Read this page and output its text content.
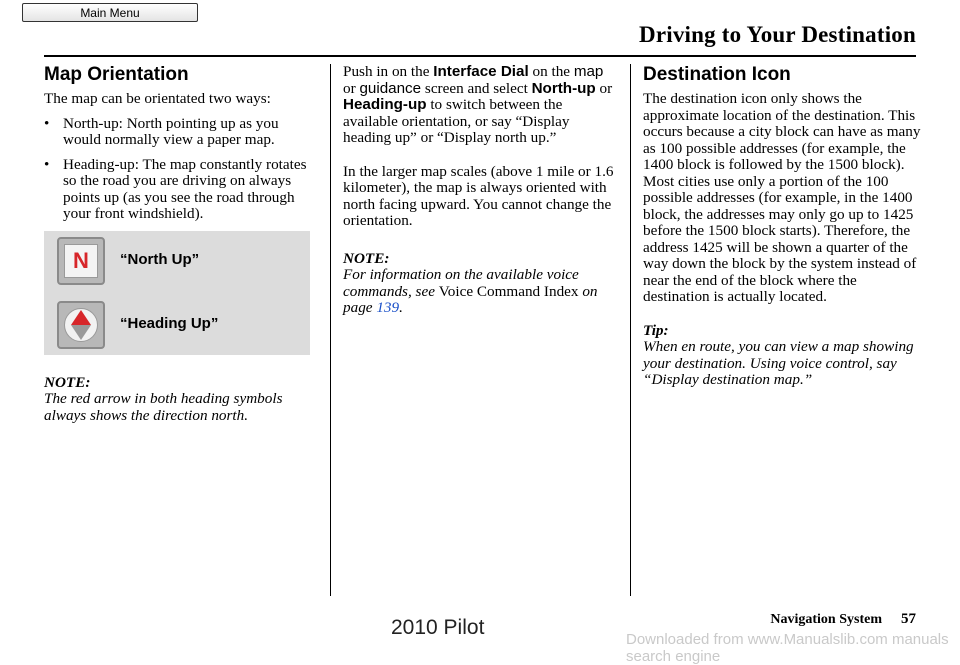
Main Menu
Driving to Your Destination
Map Orientation

The map can be orientated two ways:

• North-up: North pointing up as you would normally view a paper map.
• Heading-up: The map constantly rotates so the road you are driving on always points up (as you see the road through your front windshield).
N “North Up”
“Heading Up”

NOTE:

The red arrow in both heading symbols always shows the direction north.

Push in on the Interface Dial on the map or guidance screen and select North-up or Heading-up to switch between the available orientation, or say “Display heading up” or “Display north up.”

In the larger map scales (above 1 mile or 1.6 kilometer), the map is always oriented with north facing upward. You cannot change the orientation.

NOTE:

For information on the available voice commands, see Voice Command Index on page 139.

Destination Icon

The destination icon only shows the approximate location of the destination. This occurs because a city block can have as many as 100 possible addresses (for example, the 1400 block is followed by the 1500 block). Most cities use only a portion of the 100 possible addresses (for example, in the 1400 block, the addresses may only go up to 1425 before the 1500 block starts). Therefore, the address 1425 will be shown a quarter of the way down the block by the system instead of near the end of the block where the destination is actually located.

Tip:

When en route, you can view a map showing your destination. Using voice control, say “Display destination map.”

Navigation System 57
2010 Pilot
Downloaded from www.Manualslib.com manuals search engine
